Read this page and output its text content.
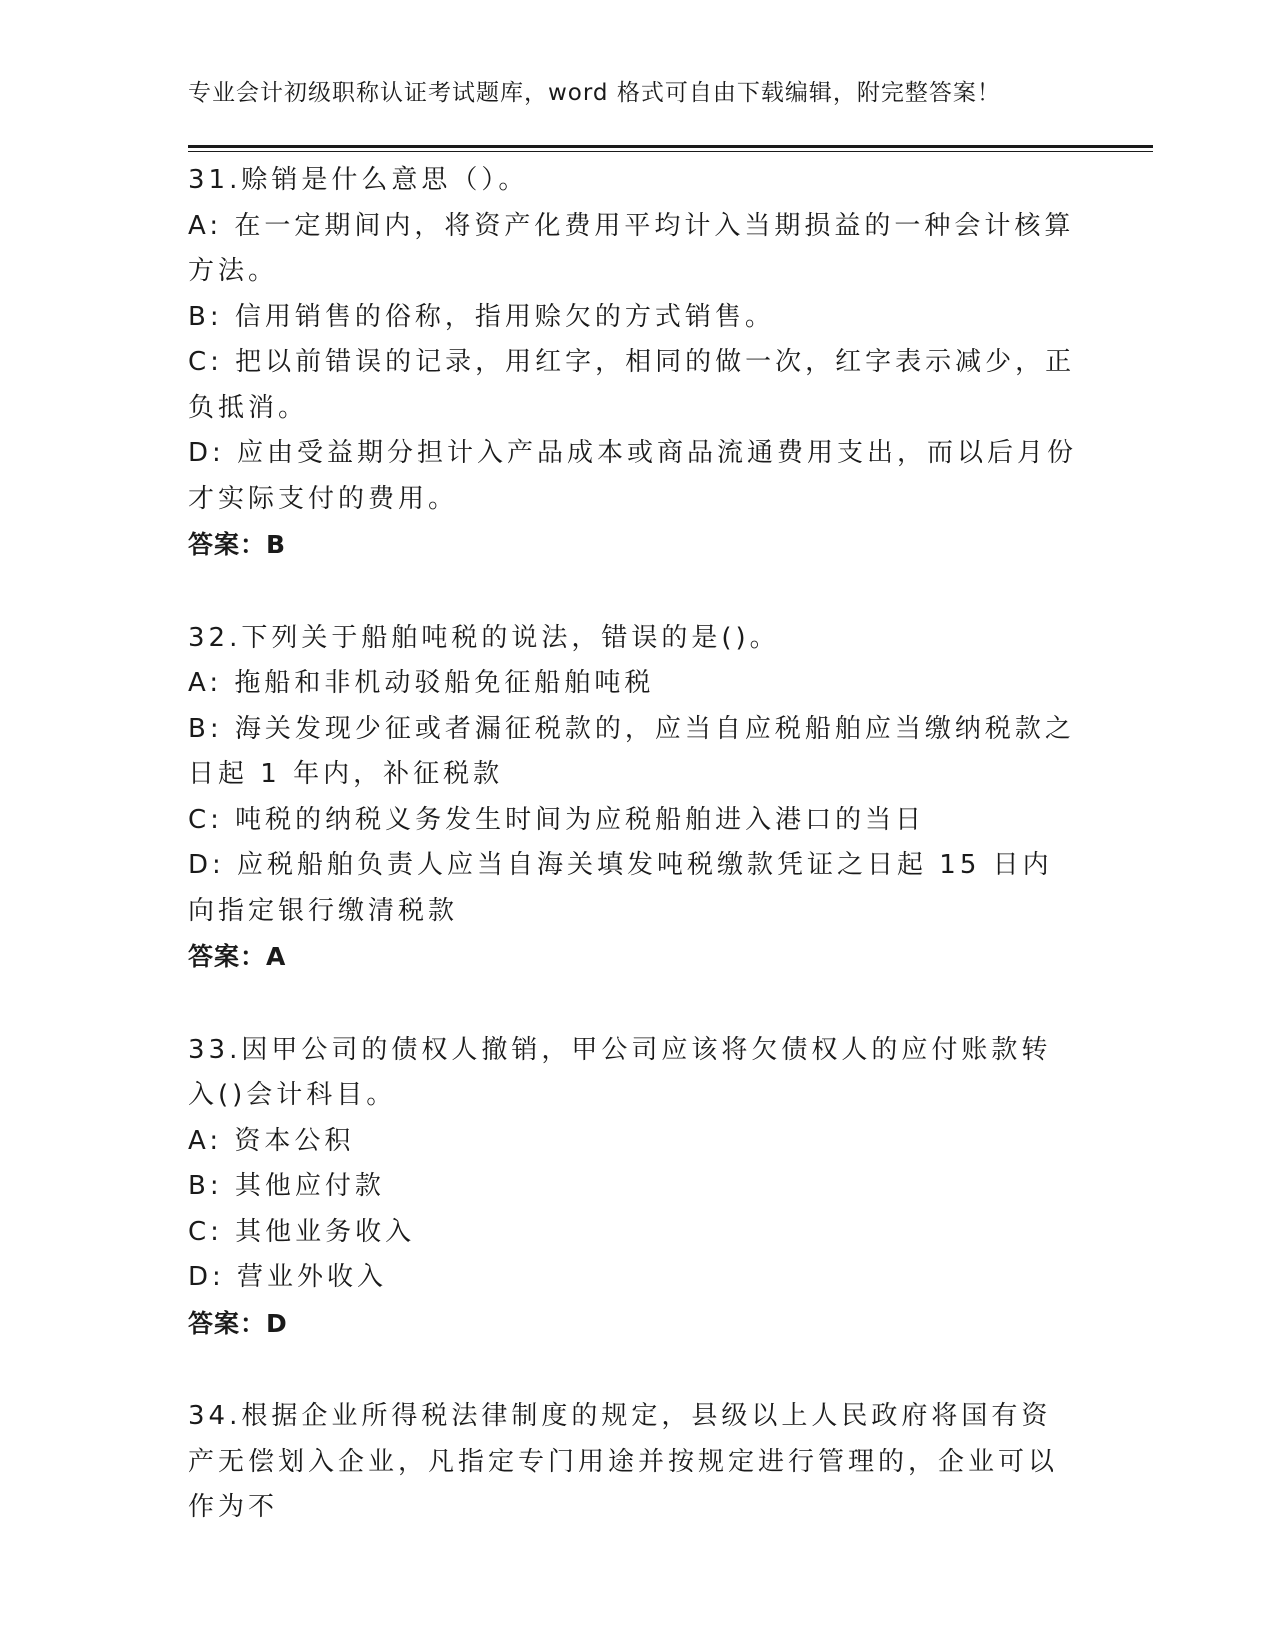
专业会计初级职称认证考试题库，word 格式可自由下载编辑，附完整答案！
31.赊销是什么意思（）。
A: 在一定期间内，将资产化费用平均计入当期损益的一种会计核算方法。
B: 信用销售的俗称，指用赊欠的方式销售。
C: 把以前错误的记录，用红字，相同的做一次，红字表示减少，正负抵消。
D: 应由受益期分担计入产品成本或商品流通费用支出，而以后月份才实际支付的费用。
答案：B
32.下列关于船舶吨税的说法，错误的是()。
A: 拖船和非机动驳船免征船舶吨税
B: 海关发现少征或者漏征税款的，应当自应税船舶应当缴纳税款之日起 1 年内，补征税款
C: 吨税的纳税义务发生时间为应税船舶进入港口的当日
D: 应税船舶负责人应当自海关填发吨税缴款凭证之日起 15 日内向指定银行缴清税款
答案：A
33.因甲公司的债权人撤销，甲公司应该将欠债权人的应付账款转入()会计科目。
A: 资本公积
B: 其他应付款
C: 其他业务收入
D: 营业外收入
答案：D
34.根据企业所得税法律制度的规定，县级以上人民政府将国有资产无偿划入企业，凡指定专门用途并按规定进行管理的，企业可以作为不
